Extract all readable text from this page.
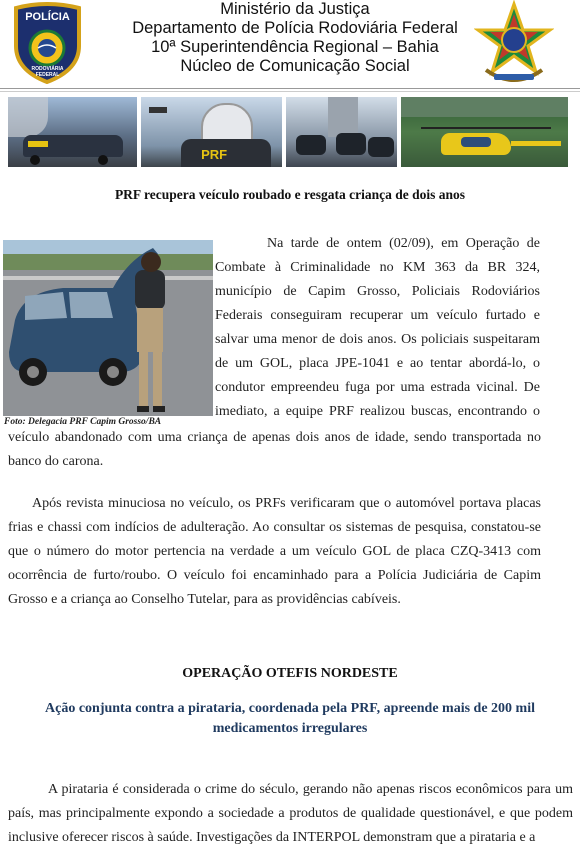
POLÍCIA
RODOVIÁRIA FEDERAL
Ministério da Justiça
Departamento de Polícia Rodoviária Federal
10ª Superintendência Regional – Bahia
Núcleo de Comunicação Social
PRF
PRF recupera veículo roubado e resgata criança de dois anos
Foto: Delegacia PRF Capim Grosso/BA
Na tarde de ontem (02/09), em Operação de
Combate à Criminalidade no KM 363 da BR 324,
município de Capim Grosso, Policiais Rodoviários
Federais conseguiram recuperar um veículo furtado e
salvar uma menor de dois anos. Os policiais suspeitaram
de um GOL, placa JPE-1041 e ao tentar abordá-lo, o
condutor empreendeu fuga por uma estrada vicinal. De
imediato, a equipe PRF realizou buscas, encontrando o
veículo abandonado com uma criança de apenas dois anos de idade, sendo transportada no banco do carona.
Após revista minuciosa no veículo, os PRFs verificaram que o automóvel portava placas frias e chassi com indícios de adulteração. Ao consultar os sistemas de pesquisa, constatou-se que o número do motor pertencia na verdade a um veículo GOL de placa CZQ-3413 com ocorrência de furto/roubo. O veículo foi encaminhado para a Polícia Judiciária de Capim Grosso e a criança ao Conselho Tutelar, para as providências cabíveis.
OPERAÇÃO OTEFIS NORDESTE
Ação conjunta contra a pirataria, coordenada pela PRF, apreende mais de 200 mil medicamentos irregulares
A pirataria é considerada o crime do século, gerando não apenas riscos econômicos para um país, mas principalmente expondo a sociedade a produtos de qualidade questionável, e que podem inclusive oferecer riscos à saúde. Investigações da INTERPOL demonstram que a pirataria e a
